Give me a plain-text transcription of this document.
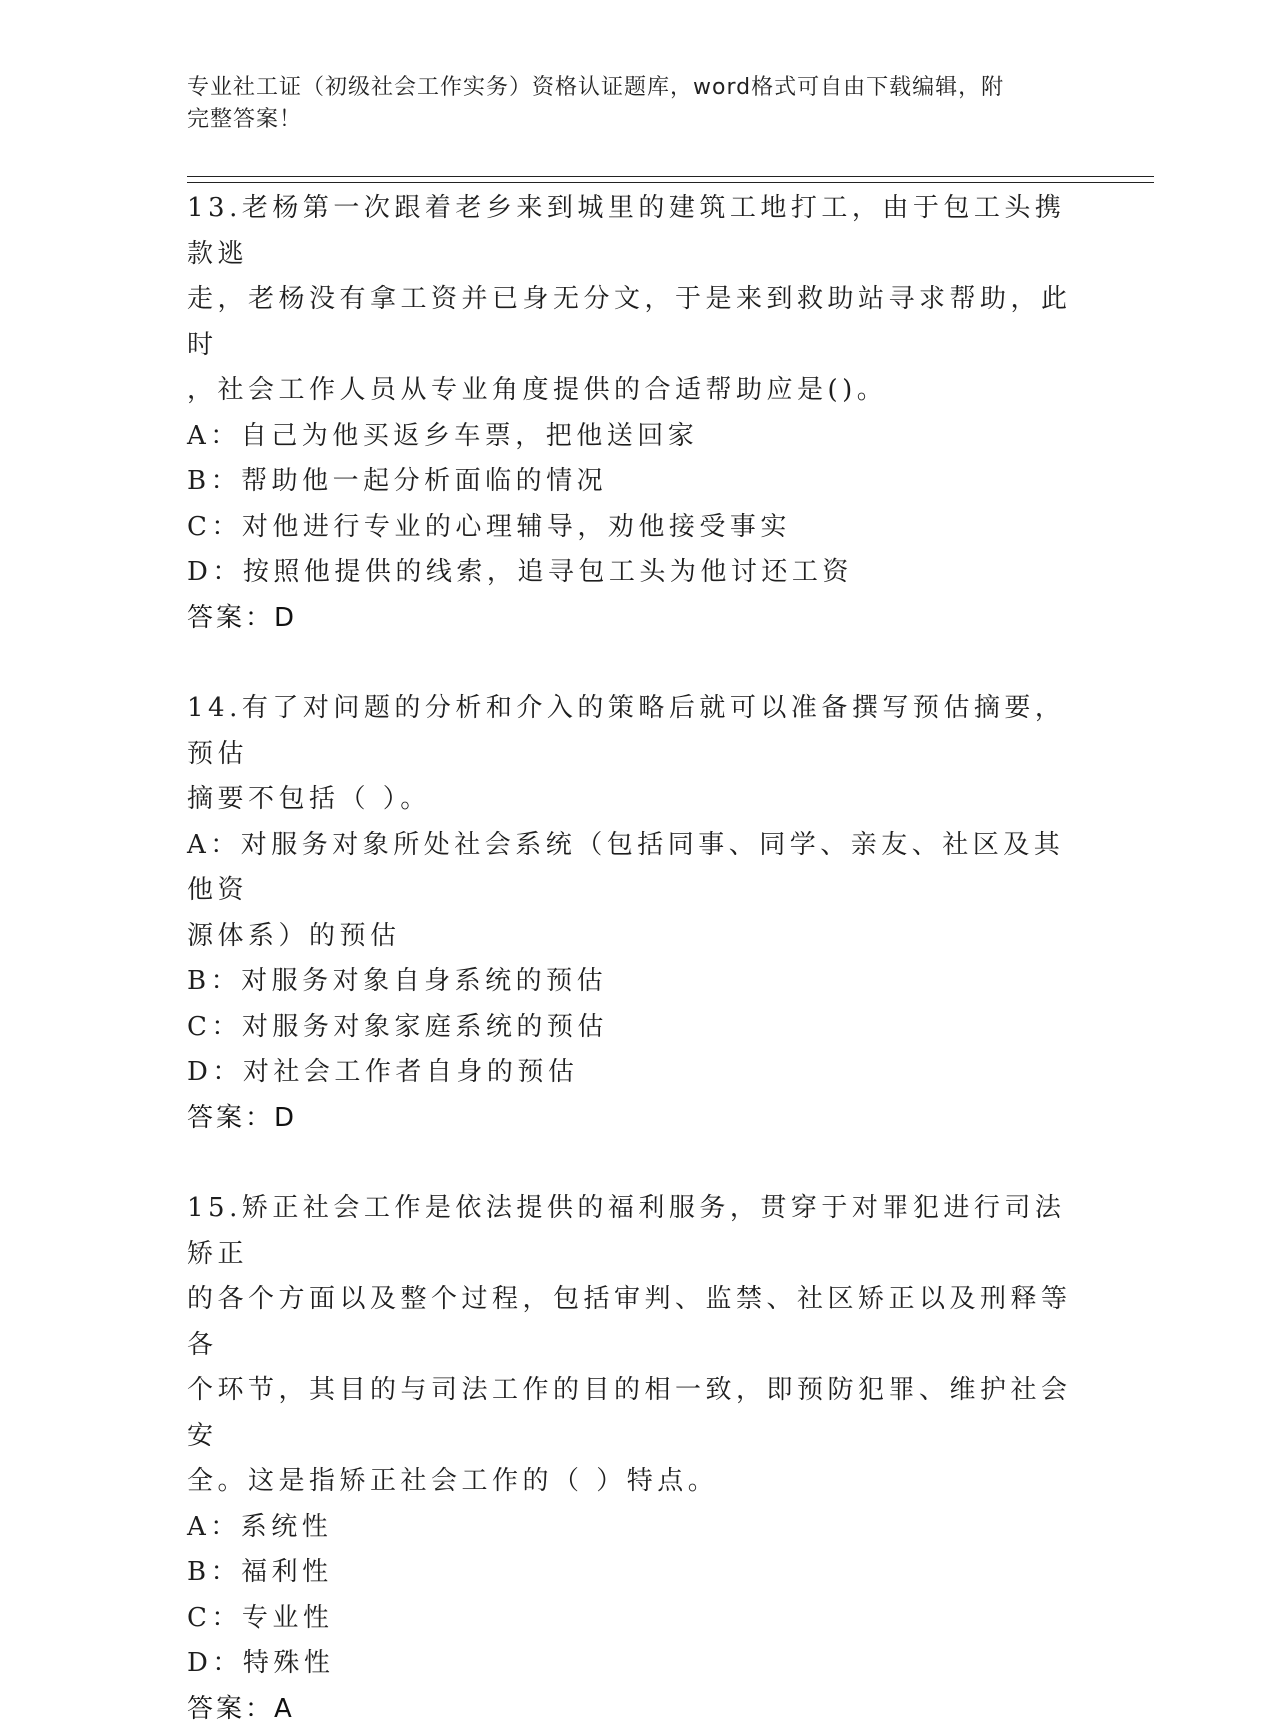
专业社工证（初级社会工作实务）资格认证题库，word格式可自由下载编辑，附
完整答案！
13.老杨第一次跟着老乡来到城里的建筑工地打工，由于包工头携款逃
走，老杨没有拿工资并已身无分文，于是来到救助站寻求帮助，此时
，社会工作人员从专业角度提供的合适帮助应是()。
A：自己为他买返乡车票，把他送回家
B：帮助他一起分析面临的情况
C：对他进行专业的心理辅导，劝他接受事实
D：按照他提供的线索，追寻包工头为他讨还工资
答案：D
14.有了对问题的分析和介入的策略后就可以准备撰写预估摘要，预估
摘要不包括（ ）。
A：对服务对象所处社会系统（包括同事、同学、亲友、社区及其他资
源体系）的预估
B：对服务对象自身系统的预估
C：对服务对象家庭系统的预估
D：对社会工作者自身的预估
答案：D
15.矫正社会工作是依法提供的福利服务，贯穿于对罪犯进行司法矫正
的各个方面以及整个过程，包括审判、监禁、社区矫正以及刑释等各
个环节，其目的与司法工作的目的相一致，即预防犯罪、维护社会安
全。这是指矫正社会工作的（ ）特点。
A：系统性
B：福利性
C：专业性
D：特殊性
答案：A
